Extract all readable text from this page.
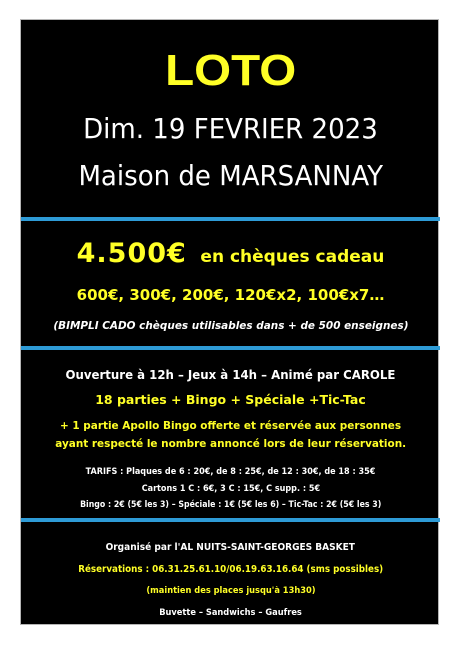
LOTO
Dim. 19 FEVRIER 2023
Maison de MARSANNAY
4.500€ en chèques cadeau
600€, 300€, 200€, 120€x2, 100€x7…
(BIMPLI CADO chèques utilisables dans + de 500 enseignes)
Ouverture à 12h – Jeux à 14h – Animé par CAROLE
18 parties + Bingo + Spéciale +Tic-Tac
+ 1 partie Apollo Bingo offerte et réservée aux personnes
ayant respecté le nombre annoncé lors de leur réservation.
TARIFS : Plaques de 6 : 20€, de 8 : 25€, de 12 : 30€, de 18 : 35€
Cartons 1 C : 6€, 3 C : 15€, C supp. : 5€
Bingo : 2€ (5€ les 3) – Spéciale : 1€ (5€ les 6) – Tic-Tac : 2€ (5€ les 3)
Organisé par l'AL NUITS-SAINT-GEORGES BASKET
Réservations : 06.31.25.61.10/06.19.63.16.64 (sms possibles)
(maintien des places jusqu'à 13h30)
Buvette – Sandwichs – Gaufres
